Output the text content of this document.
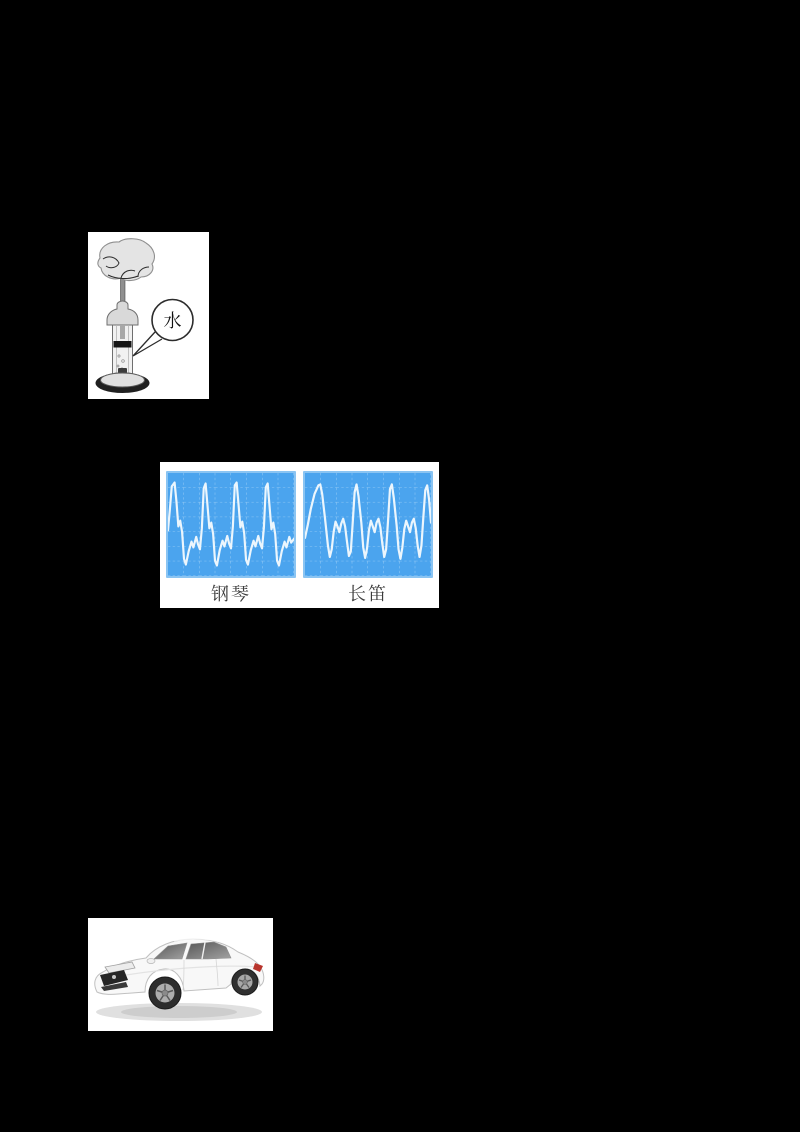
水
钢琴	长笛
